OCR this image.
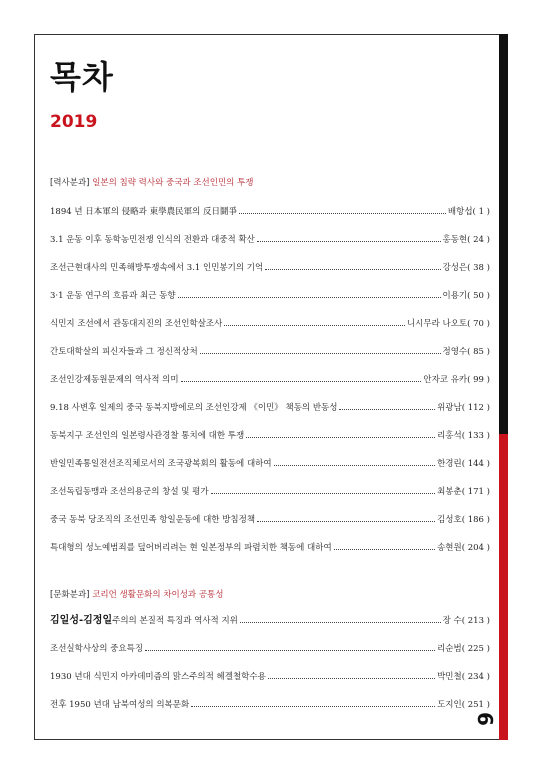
6
목차
2019
[력사분과] 일본의 침략 력사와 중국과 조선인민의 투쟁
1894 년 日本軍의 侵略과 東學農民軍의 反日鬪爭	배항섭( 1 )
3.1 운동 이후 동학농민전쟁 인식의 전환과 대중적 확산	홍동현( 24 )
조선근현대사의 민족해방투쟁속에서 3.1 인민봉기의 기억	강성은( 38 )
3·1 운동 연구의 흐름과 최근 동향	이용기( 50 )
식민지 조선에서 관동대지진의 조선인학살조사	니시무라 나오토( 70 )
간토대학살의 피신자들과 그 정신적상처	정영수( 85 )
조선인강제동원문제의 역사적 의미	안자코 유카( 99 )
9.18 사변후 일제의 중국 동북지방에로의 조선인강제 《이민》 책동의 반동성	위광남( 112 )
동북지구 조선인의 일본령사관경찰 통치에 대한 투쟁	리홍석( 133 )
반일민족통일전선조직체로서의 조국광복회의 활동에 대하여	한경린( 144 )
조선독립동맹과 조선의용군의 창설 및 평가	최봉춘( 171 )
중국 동북 당조직의 조선민족 항일운동에 대한 방침정책	김성호( 186 )
특대형의 성노예범죄를 덮어버리려는 현 일본정부의 파렴치한 책동에 대하여	송현원( 204 )
[문화분과] 코리언 생활문화의 차이성과 공통성
김일성-김정일주의의 본질적 특징과 역사적 지위	장 수( 213 )
조선실학사상의 중요특징	리순범( 225 )
1930 년대 식민지 아카데미즘의 맑스주의적 헤겔철학수용	박민철( 234 )
전후 1950 년대 남북여성의 의복문화	도지인( 251 )
